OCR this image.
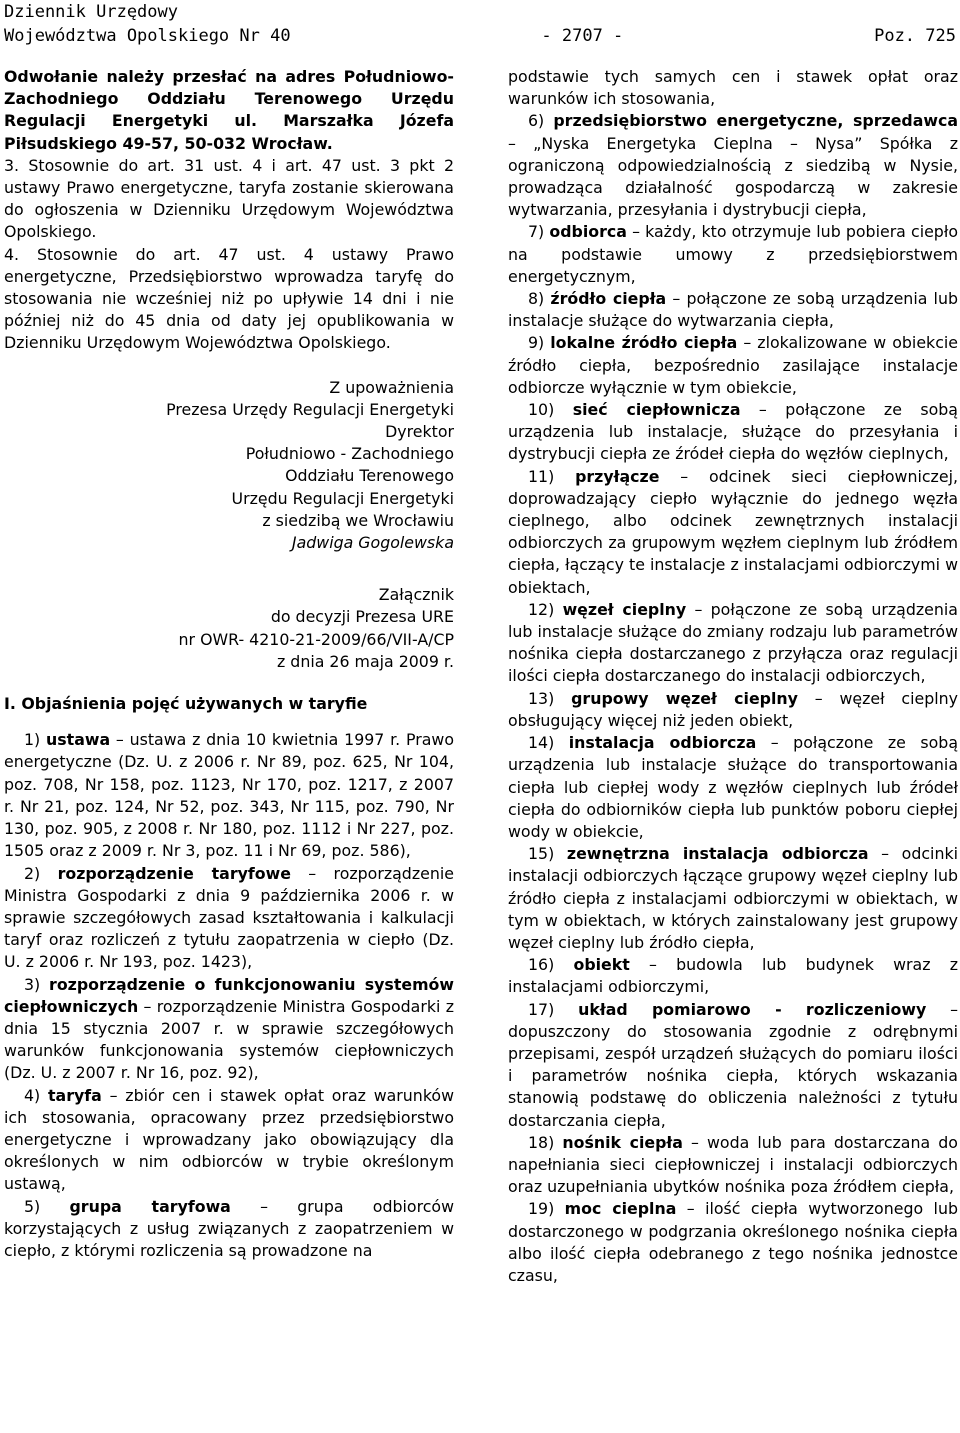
Dziennik Urzędowy
Województwa Opolskiego Nr 40	- 2707 -	Poz. 725

Odwołanie należy przesłać na adres Południowo-Zachodniego Oddziału Terenowego Urzędu Regulacji Energetyki ul. Marszałka Józefa Piłsudskiego 49-57, 50-032 Wrocław.

3. Stosownie do art. 31 ust. 4 i art. 47 ust. 3 pkt 2 ustawy Prawo energetyczne, taryfa zostanie skierowana do ogłoszenia w Dzienniku Urzędowym Województwa Opolskiego.

4. Stosownie do art. 47 ust. 4 ustawy Prawo energetyczne, Przedsiębiorstwo wprowadza taryfę do stosowania nie wcześniej niż po upływie 14 dni i nie później niż do 45 dnia od daty jej opublikowania w Dzienniku Urzędowym Województwa Opolskiego.

Z upoważnienia

Prezesa Urzędy Regulacji Energetyki

Dyrektor

Południowo - Zachodniego

Oddziału Terenowego

Urzędu Regulacji Energetyki

z siedzibą we Wrocławiu

Jadwiga Gogolewska

Załącznik

do decyzji Prezesa URE

nr OWR- 4210-21-2009/66/VII-A/CP

z dnia 26 maja 2009 r.

I. Objaśnienia pojęć używanych w taryfie

1) ustawa – ustawa z dnia 10 kwietnia 1997 r. Prawo energetyczne (Dz. U. z 2006 r. Nr 89, poz. 625, Nr 104, poz. 708, Nr 158, poz. 1123, Nr 170, poz. 1217, z 2007 r. Nr 21, poz. 124, Nr 52, poz. 343, Nr 115, poz. 790, Nr 130, poz. 905, z 2008 r. Nr 180, poz. 1112 i Nr 227, poz. 1505 oraz z 2009 r. Nr 3, poz. 11 i Nr 69, poz. 586),

2) rozporządzenie taryfowe – rozporządzenie Ministra Gospodarki z dnia 9 października 2006 r. w sprawie szczegółowych zasad kształtowania i kalkulacji taryf oraz rozliczeń z tytułu zaopatrzenia w ciepło (Dz. U. z 2006 r. Nr 193, poz. 1423),

3) rozporządzenie o funkcjonowaniu systemów ciepłowniczych – rozporządzenie Ministra Gospodarki z dnia 15 stycznia 2007 r. w sprawie szczegółowych warunków funkcjonowania systemów ciepłowniczych (Dz. U. z 2007 r. Nr 16, poz. 92),

4) taryfa – zbiór cen i stawek opłat oraz warunków ich stosowania, opracowany przez przedsiębiorstwo energetyczne i wprowadzany jako obowiązujący dla określonych w nim odbiorców w trybie określonym ustawą,

5) grupa taryfowa – grupa odbiorców korzystających z usług związanych z zaopatrzeniem w ciepło, z którymi rozliczenia są prowadzone na

podstawie tych samych cen i stawek opłat oraz warunków ich stosowania,

6) przedsiębiorstwo energetyczne, sprzedawca – „Nyska Energetyka Cieplna – Nysa” Spółka z ograniczoną odpowiedzialnością z siedzibą w Nysie, prowadząca działalność gospodarczą w zakresie wytwarzania, przesyłania i dystrybucji ciepła,

7) odbiorca – każdy, kto otrzymuje lub pobiera ciepło na podstawie umowy z przedsiębiorstwem energetycznym,

8) źródło ciepła – połączone ze sobą urządzenia lub instalacje służące do wytwarzania ciepła,

9) lokalne źródło ciepła – zlokalizowane w obiekcie źródło ciepła, bezpośrednio zasilające instalacje odbiorcze wyłącznie w tym obiekcie,

10) sieć ciepłownicza – połączone ze sobą urządzenia lub instalacje, służące do przesyłania i dystrybucji ciepła ze źródeł ciepła do węzłów cieplnych,

11) przyłącze – odcinek sieci ciepłowniczej, doprowadzający ciepło wyłącznie do jednego węzła cieplnego, albo odcinek zewnętrznych instalacji odbiorczych za grupowym węzłem cieplnym lub źródłem ciepła, łączący te instalacje z instalacjami odbiorczymi w obiektach,

12) węzeł cieplny – połączone ze sobą urządzenia lub instalacje służące do zmiany rodzaju lub parametrów nośnika ciepła dostarczanego z przyłącza oraz regulacji ilości ciepła dostarczanego do instalacji odbiorczych,

13) grupowy węzeł cieplny – węzeł cieplny obsługujący więcej niż jeden obiekt,

14) instalacja odbiorcza – połączone ze sobą urządzenia lub instalacje służące do transportowania ciepła lub ciepłej wody z węzłów cieplnych lub źródeł ciepła do odbiorników ciepła lub punktów poboru ciepłej wody w obiekcie,

15) zewnętrzna instalacja odbiorcza – odcinki instalacji odbiorczych łączące grupowy węzeł cieplny lub źródło ciepła z instalacjami odbiorczymi w obiektach, w tym w obiektach, w których zainstalowany jest grupowy węzeł cieplny lub źródło ciepła,

16) obiekt – budowla lub budynek wraz z instalacjami odbiorczymi,

17) układ pomiarowo - rozliczeniowy – dopuszczony do stosowania zgodnie z odrębnymi przepisami, zespół urządzeń służących do pomiaru ilości i parametrów nośnika ciepła, których wskazania stanowią podstawę do obliczenia należności z tytułu dostarczania ciepła,

18) nośnik ciepła – woda lub para dostarczana do napełniania sieci ciepłowniczej i instalacji odbiorczych oraz uzupełniania ubytków nośnika poza źródłem ciepła,

19) moc cieplna – ilość ciepła wytworzonego lub dostarczonego w podgrzania określonego nośnika ciepła albo ilość ciepła odebranego z tego nośnika jednostce czasu,
